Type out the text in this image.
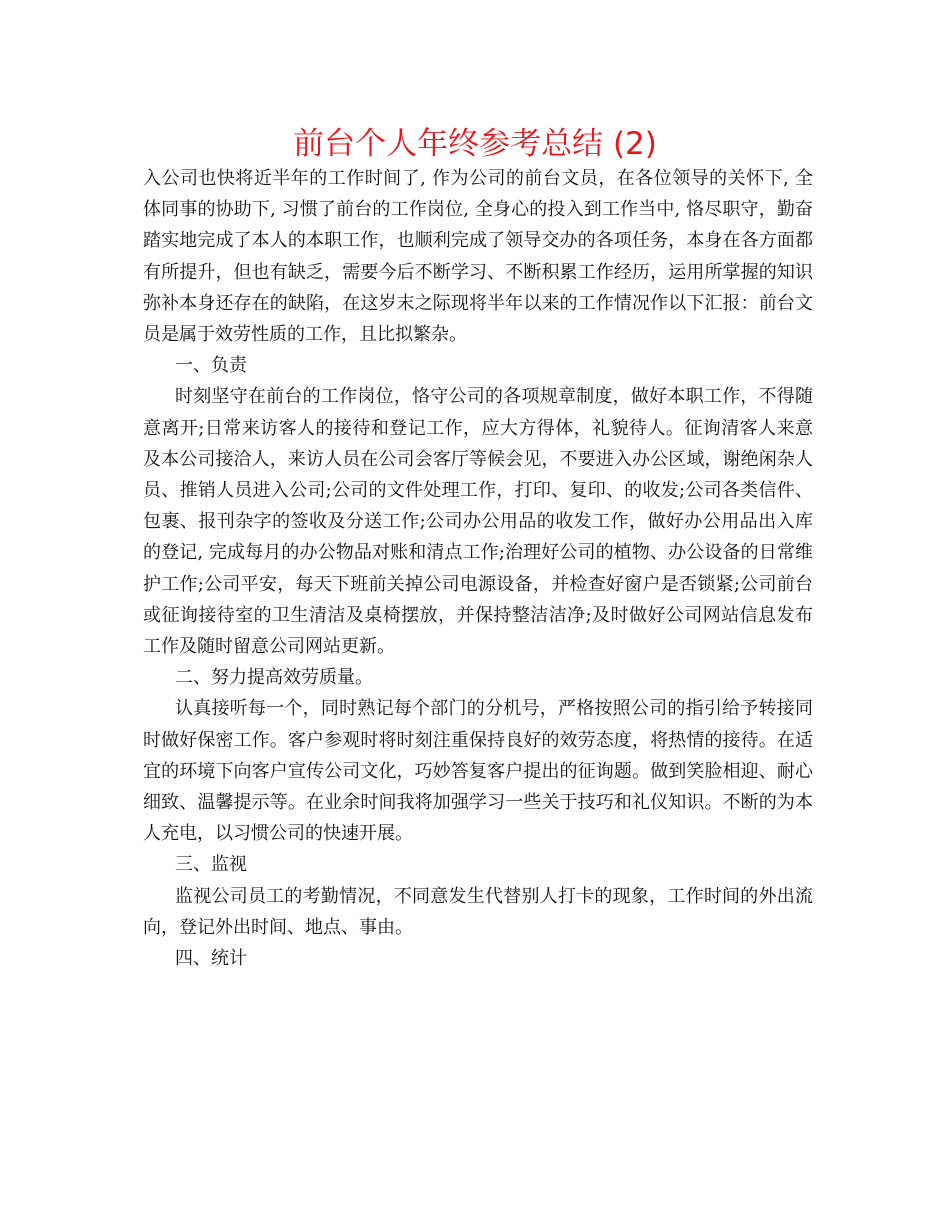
前台个人年终参考总结 (2)

入公司也快将近半年的工作时间了, 作为公司的前台文员，在各位领导的关怀下, 全体同事的协助下, 习惯了前台的工作岗位, 全身心的投入到工作当中, 恪尽职守，勤奋踏实地完成了本人的本职工作，也顺利完成了领导交办的各项任务，本身在各方面都有所提升，但也有缺乏，需要今后不断学习、不断积累工作经历，运用所掌握的知识弥补本身还存在的缺陷，在这岁末之际现将半年以来的工作情况作以下汇报：前台文员是属于效劳性质的工作，且比拟繁杂。

一、负责

时刻坚守在前台的工作岗位，恪守公司的各项规章制度，做好本职工作，不得随意离开;日常来访客人的接待和登记工作，应大方得体，礼貌待人。征询清客人来意及本公司接洽人，来访人员在公司会客厅等候会见，不要进入办公区域，谢绝闲杂人员、推销人员进入公司;公司的文件处理工作，打印、复印、的收发;公司各类信件、包裹、报刊杂字的签收及分送工作;公司办公用品的收发工作，做好办公用品出入库的登记, 完成每月的办公物品对账和清点工作;治理好公司的植物、办公设备的日常维护工作;公司平安，每天下班前关掉公司电源设备，并检查好窗户是否锁紧;公司前台或征询接待室的卫生清洁及桌椅摆放，并保持整洁洁净;及时做好公司网站信息发布工作及随时留意公司网站更新。

二、努力提高效劳质量。

认真接听每一个，同时熟记每个部门的分机号，严格按照公司的指引给予转接同时做好保密工作。客户参观时将时刻注重保持良好的效劳态度，将热情的接待。在适宜的环境下向客户宣传公司文化，巧妙答复客户提出的征询题。做到笑脸相迎、耐心细致、温馨提示等。在业余时间我将加强学习一些关于技巧和礼仪知识。不断的为本人充电，以习惯公司的快速开展。

三、监视

监视公司员工的考勤情况，不同意发生代替别人打卡的现象，工作时间的外出流向，登记外出时间、地点、事由。

四、统计
